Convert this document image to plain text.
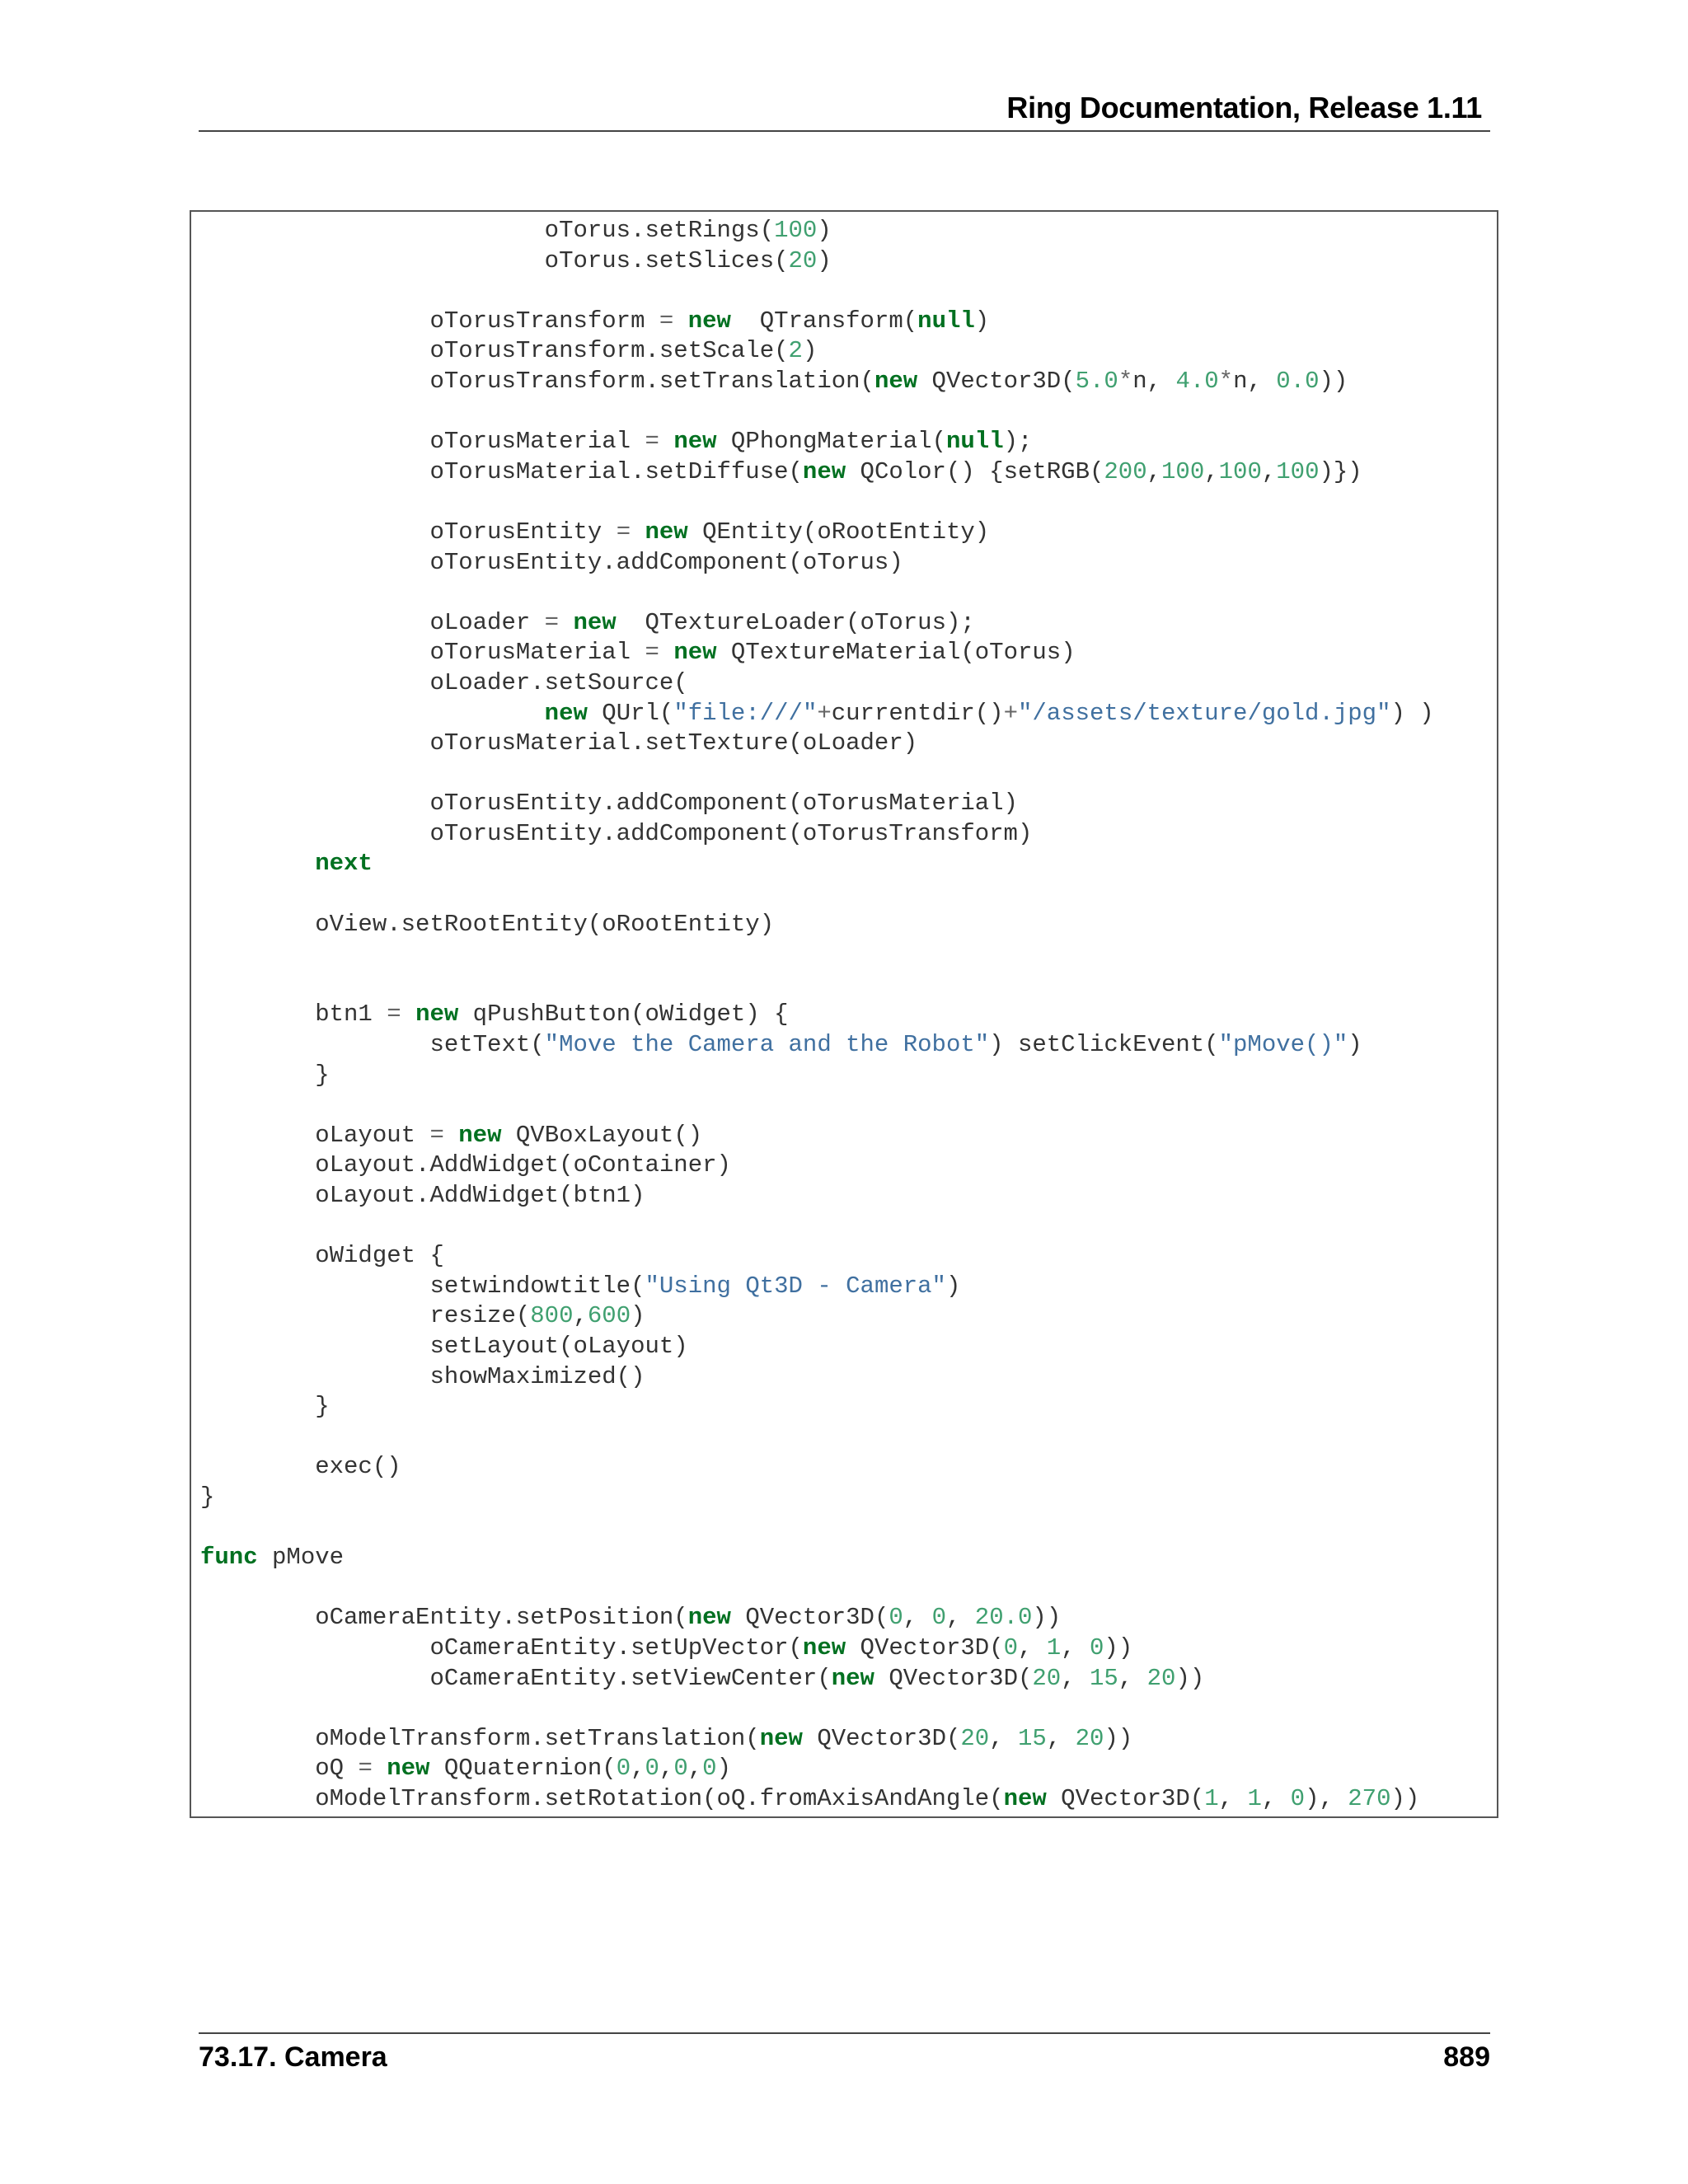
Ring Documentation, Release 1.11
oTorus.setRings(100)
oTorus.setSlices(20)
oTorusTransform = new  QTransform(null)
oTorusTransform.setScale(2)
oTorusTransform.setTranslation(new QVector3D(5.0*n, 4.0*n, 0.0))
oTorusMaterial = new QPhongMaterial(null);
oTorusMaterial.setDiffuse(new QColor() {setRGB(200,100,100,100)})
oTorusEntity = new QEntity(oRootEntity)
oTorusEntity.addComponent(oTorus)
oLoader = new  QTextureLoader(oTorus);
oTorusMaterial = new QTextureMaterial(oTorus)
oLoader.setSource(
new QUrl("file:///"+currentdir()+"/assets/texture/gold.jpg") )
oTorusMaterial.setTexture(oLoader)
oTorusEntity.addComponent(oTorusMaterial)
oTorusEntity.addComponent(oTorusTransform)
next
oView.setRootEntity(oRootEntity)
btn1 = new qPushButton(oWidget) {
setText("Move the Camera and the Robot") setClickEvent("pMove()")
}
oLayout = new QVBoxLayout()
oLayout.AddWidget(oContainer)
oLayout.AddWidget(btn1)
oWidget {
setwindowtitle("Using Qt3D - Camera")
resize(800,600)
setLayout(oLayout)
showMaximized()
}
exec()
}
func pMove
oCameraEntity.setPosition(new QVector3D(0, 0, 20.0))
oCameraEntity.setUpVector(new QVector3D(0, 1, 0))
oCameraEntity.setViewCenter(new QVector3D(20, 15, 20))
oModelTransform.setTranslation(new QVector3D(20, 15, 20))
oQ = new QQuaternion(0,0,0,0)
oModelTransform.setRotation(oQ.fromAxisAndAngle(new QVector3D(1, 1, 0), 270))
73.17. Camera	889
